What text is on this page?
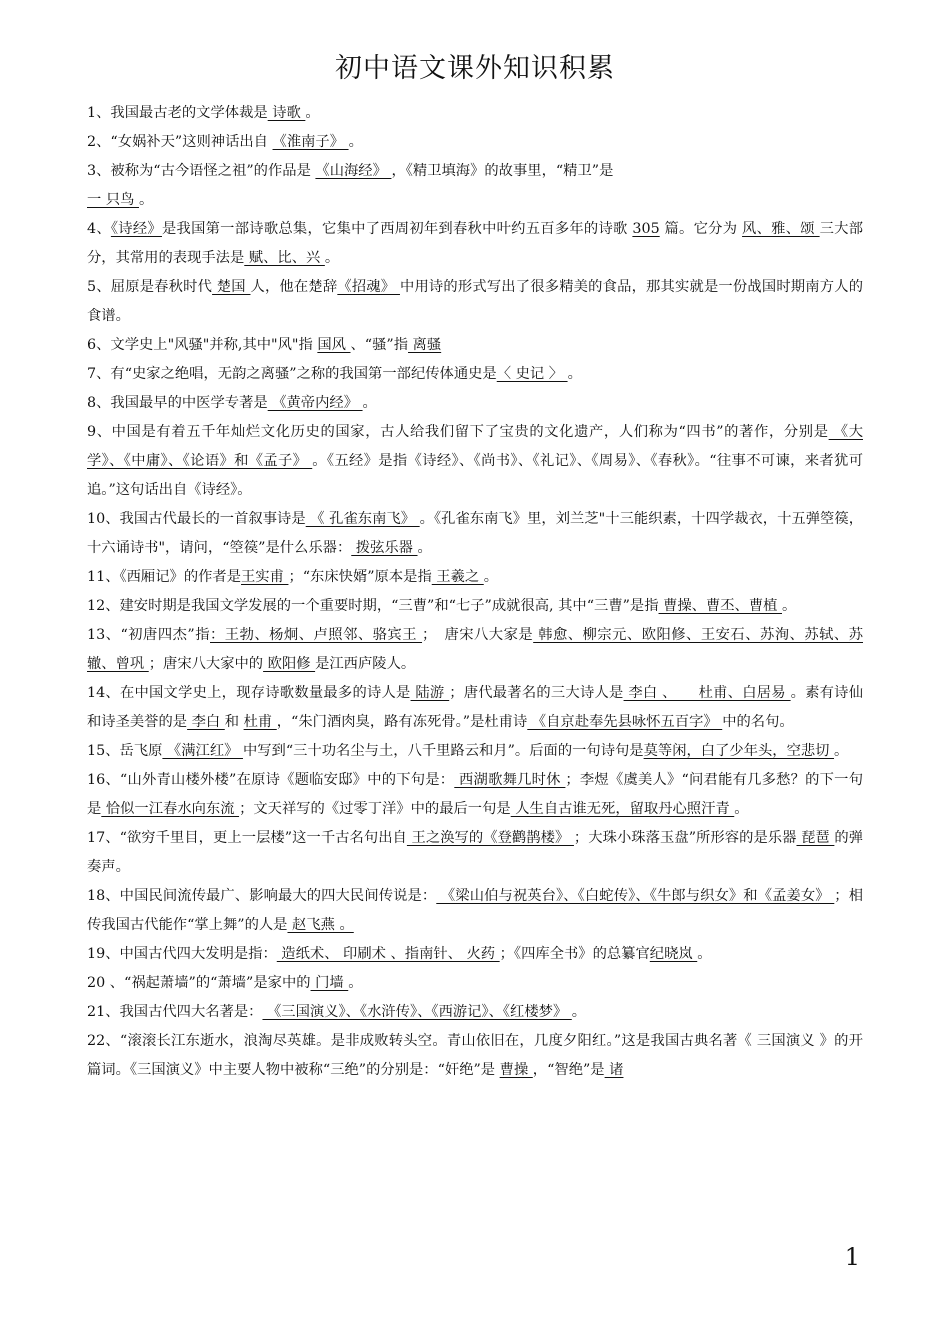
初中语文课外知识积累

1、我国最古老的文学体裁是 诗歌 。

2、“女娲补天”这则神话出自 《淮南子》 。

3、被称为“古今语怪之祖”的作品是 《山海经》 ，《精卫填海》的故事里，“精卫”是
一 只鸟 。

4、《诗经》是我国第一部诗歌总集，它集中了西周初年到春秋中叶约五百多年的诗歌 305 篇。它分为 风、雅、颂 三大部分，其常用的表现手法是 赋、比、兴 。

5、屈原是春秋时代 楚国 人，他在楚辞《招魂》 中用诗的形式写出了很多精美的食品，那其实就是一份战国时期南方人的食谱。

6、文学史上"风骚"并称,其中"风"指 国风 、“骚”指 离骚

7、有“史家之绝唱，无韵之离骚”之称的我国第一部纪传体通史是〈 史记 〉 。

8、我国最早的中医学专著是 《黄帝内经》 。

9、中国是有着五千年灿烂文化历史的国家，古人给我们留下了宝贵的文化遗产，人们称为“四书”的著作，分别是 《大学》、《中庸》、《论语》和《孟子》 。《五经》是指《诗经》、《尚书》、《礼记》、《周易》、《春秋》。“往事不可谏，来者犹可追。”这句话出自《诗经》。

10、我国古代最长的一首叙事诗是 《 孔雀东南飞》 。《孔雀东南飞》里，刘兰芝"十三能织素，十四学裁衣，十五弹箜篌，十六诵诗书"，请问，“箜篌”是什么乐器： 拨弦乐器 。

11、《西厢记》的作者是王实甫 ；“东床快婿”原本是指 王羲之 。

12、建安时期是我国文学发展的一个重要时期，“三曹”和“七子”成就很高, 其中“三曹”是指 曹操、曹丕、曹植 。

13、“初唐四杰”指：王勃、杨炯、卢照邻、骆宾王 ；　唐宋八大家是 韩愈、柳宗元、欧阳修、王安石、苏洵、苏轼、苏辙、曾巩 ；唐宋八大家中的 欧阳修 是江西庐陵人。

14、在中国文学史上，现存诗歌数量最多的诗人是 陆游 ；唐代最著名的三大诗人是 李白 、　　杜甫、白居易 。素有诗仙和诗圣美誉的是 李白 和 杜甫 ，“朱门酒肉臭，路有冻死骨。”是杜甫诗 《自京赴奉先县咏怀五百字》 中的名句。

15、岳飞原 《满江红》 中写到“三十功名尘与土，八千里路云和月”。后面的一句诗句是莫等闲，白了少年头，空悲切 。

16、“山外青山楼外楼”在原诗《题临安邸》中的下句是： 西湖歌舞几时休 ；李煜《虞美人》“问君能有几多愁？的下一句是 恰似一江春水向东流 ；文天祥写的《过零丁洋》中的最后一句是 人生自古谁无死，留取丹心照汗青 。

17、“欲穷千里目，更上一层楼”这一千古名句出自 王之涣写的《登鹳鹊楼》 ；大珠小珠落玉盘”所形容的是乐器 琵琶 的弹奏声。

18、中国民间流传最广、影响最大的四大民间传说是： 《梁山伯与祝英台》、《白蛇传》、《牛郎与织女》和《孟姜女》 ；相传我国古代能作“掌上舞”的人是 赵飞燕 。

19、中国古代四大发明是指： 造纸术、 印刷术 、指南针、 火药 ；《四库全书》的总纂官纪晓岚 。

20 、“祸起萧墙”的“萧墙”是家中的 门墙 。

21、我国古代四大名著是： 《三国演义》、《水浒传》、《西游记》、《红楼梦》 。

22、“滚滚长江东逝水，浪淘尽英雄。是非成败转头空。青山依旧在，几度夕阳红。”这是我国古典名著《 三国演义 》的开篇词。《三国演义》中主要人物中被称“三绝”的分别是：“奸绝”是 曹操 ，“智绝”是 诸

1
